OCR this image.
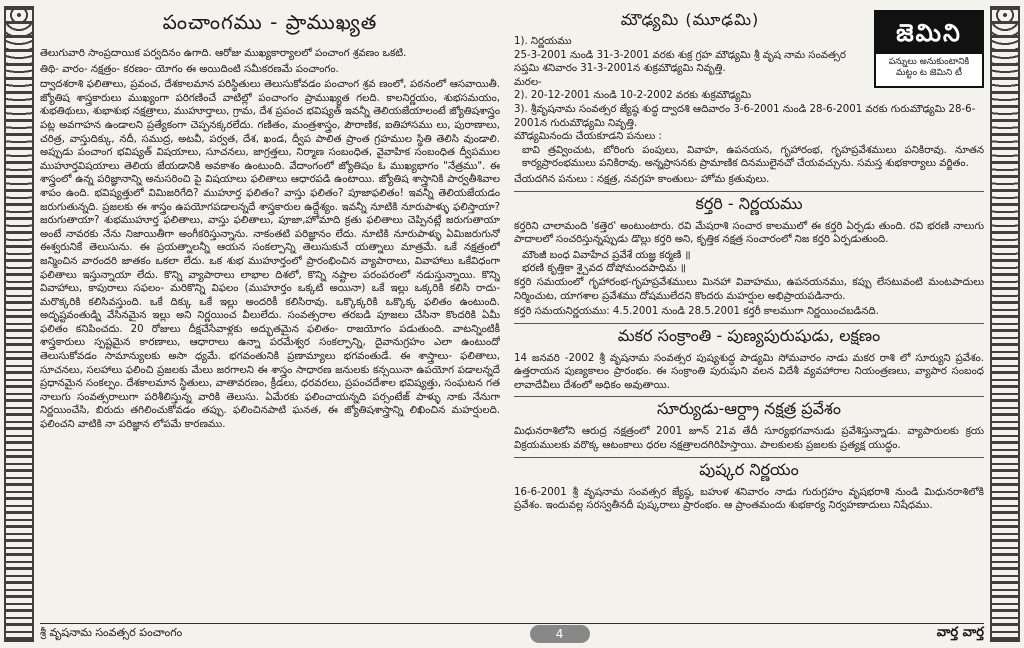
పంచాంగము - ప్రాముఖ్యత

తెలుగువారి సాంప్రదాయిక పర్వదినం ఉగాది. ఆరోజు ముఖ్యకార్యాలలో పంచాంగ శ్రవణం ఒకటి.

తిథి- వారం- నక్షత్రం- కరణం- యోగం ఈ అయిదింటి సమీకరణమే పంచాంగం.

ద్వాదశరాశి ఫలితాలు, ప్రవంచ, దేశకాలమాన పరిస్థితులు తెలుసుకోవడం పంచాంగ శ్రవ ణంలో, పఠనంలో ఆసవాయితీ. జ్యోతిష శాస్త్రకారులు ముఖ్యంగా పరిగణించే వాటిల్లో పంచాంగం ప్రాముఖ్యత గలది. కాలనిర్ణయం, శుభసమయం, శుభతిథులు, శుభాశుభ నక్షత్రాలు, ముహూర్తాలు, గ్రామ, దేశ ప్రపంచ భవిష్యత్ ఇవన్నీ తెలియజేయాలంటే జ్యోతిషశాస్త్రం పట్ల అవగాహన ఉండాలని ప్రత్యేకంగా చెప్పనక్కరలేదు. గణితం, మంత్రశాస్త్రం, పౌరాణిక, ఐతిహాసము లు, పురాణాలు, చరిత్ర, వాస్తుదిక్కు, నదీ, సముద్ర, అటవీ, పర్వత, దేశ, ఖండ, ద్వీప పాలిత ప్రాంత గ్రహముల స్థితి తెలిసి వుండాలి. అప్పుడు పంచాంగ భవిష్యత్ విషయాలు, సూచనలు, జాగ్రత్తలు, నిర్మాణ సంబంధిత, వైవాహిక సంబంధిత ద్వీపముల ముహూర్తవిషయాలు తెలియ జేయడానికి అవకాశం ఉంటుంది. వేదాంగంలో జ్యోతిషం ఓ ముఖ్యభాగం "నేత్రము". ఈ శాస్త్రంలో ఉన్న పరిజ్ఞానాన్ని అనుసరించి పై విషయాలు ఫలితాలు ఆధారపడి ఉంటాయి. జ్యోతిష శాస్త్రానికి పార్వతీశివాల శాపం ఉంది. భవిష్యత్తులో విమిజరిగేది? ముహూర్త ఫలితం? వాస్తు ఫలితం? పూజాఫలితం! ఇవన్నీ తెలియజేయడం జరుగుతున్నది. ప్రజలకు ఈ శాస్త్రం ఉపయోగపడాలన్నదే శాస్త్రకారుల ఉద్దేశ్యం. ఇవన్నీ నూటికి నూరుపాళ్ళు ఫలిస్తాయా? జరుగుతాయా? శుభముహూర్త ఫలితాలు, వాస్తు ఫలితాలు, పూజా,హోమాది క్రతు ఫలితాలు చెప్పినట్లే జరుగుతాయా అంటే నావరకు నేను నిజాయితీగా అంగీకరిస్తున్నాను. నాకంతటి పరిజ్ఞానం లేదు. నూటికి నూరుపాళ్ళు ఏమిజరుగునో ఈశ్వరునికే తెలుసును. ఈ ప్రయత్నాలన్నీ ఆయన సంకల్పాన్ని తెలుసుకునే యత్నాలు మాత్రమే. ఒకే నక్షత్రంలో జన్మించిన వారందరి జాతకం ఒకలా లేదు. ఒక శుభ ముహూర్తంలో ప్రారంభించిన వ్యాపారాలు, వివాహాలు ఒకేవిధంగా ఫలితాలు ఇస్తున్నాయా లేదు. కొన్ని వ్యాపారాలు లాభాల దిశలో, కొన్ని నష్టాల పరంపరంలో నడుస్తున్నాయి. కొన్ని వివాహాలు, కాపురాలు సఫలం- మరికొన్ని విఫలం (ముహూర్తం ఒక్కటి అయినా) ఒకే ఇల్లు ఒక్కరికి కలిసి రాదు- మరొక్కరికి కలిసివస్తుంది. ఒకే దిక్కు ఒకే ఇల్లు అందరికీ కలిసిరావు. ఒక్కొక్కరికి ఒక్కొక్క ఫలితం ఉంటుంది. అదృష్టవంతుడ్ని వేసినమైన ఇల్లు అని నిర్ణయించ వీలులేదు. సంవత్సరాల తరబడి పూజలు చేసినా కొందరికి ఏమీ ఫలితం కనిపించదు. 20 రోజులు దీక్షచేసేవాళ్లకు అద్భుతమైన ఫలితం- రాజయోగం పడుతుంది. వాటన్నింటికీ శాస్త్రకారులు స్పష్టమైన కారణాలు, ఆధారాలు ఉన్నా పరమేశ్వర సంకల్పాన్ని, దైవానుగ్రహం ఎలా ఉంటుందో తెలుసుకోవడం సామాన్యులకు అసా ధ్యమే. భగవంతునికి ప్రణామ్యాలు భగవంతుడే. ఈ శాస్త్రాలు- ఫలితాలు, సూచనలు, సలహాలు ఫలించి ప్రజలకు మేలు జరగాలని ఈ శాస్త్రం సాధారణ జనులకు కన్సయినా ఉపయోగ పడాలన్నదే ప్రధానమైన సంకల్పం. దేశకాలమాన స్థితులు, వాతావరణం, క్రీడలు, ధరవరలు, ప్రపంచదేశాల భవిష్యత్తు, సంఘటన గత నాలుగు సంవత్సరాలుగా పరిశీలిస్తున్న వారికి తెలుసు. ఏమేరకు ఫలించాయన్నది పర్సంటేజ్ పాళ్ళు నాకు నేనుగా నిర్ణయించేసి, బిరుదు తగిలించుకోవడం తప్పు. ఫలించినపాటి ఘనత, ఈ జ్యోతిషశాస్త్రాన్ని లిఖించిన మహర్షులది. ఫలించని వాటికి నా పరిజ్ఞాన లోపమే కారణము.

జెమిని
పన్నులు అనుకుంటానికి మట్టం ట జెమిని టీ
మౌఢ్యమి (మూఢమి)

1). నిర్ణయము

25-3-2001 నుండి 31-3-2001 వరకు శుక్ర గ్రహ మౌఢ్యమి శ్రీ వృష నామ సంవత్సర సప్తమి శనివారం 31-3-2001న శుక్రమౌఢ్యమి నివృత్తి.

మరల-

2). 20-12-2001 నుండి 10-2-2002 వరకు శుక్రమౌఢ్యమి

3). శ్రీవృషనామ సంవత్సర జ్యేష్ఠ శుద్ధ ద్వాదశి ఆదివారం 3-6-2001 నుండి 28-6-2001 వరకు గురుమౌఢ్యమి 28-6-2001న గురుమౌఢ్యమి నివృత్తి.

మౌఢ్యమినందు చేయకూడని పనులు :

బావి త్రవ్వించుట, బోరింగు పంపులు, వివాహ, ఉపనయన, గృహారంభ, గృహప్రవేశములు పనికిరావు. నూతన కార్యప్రారంభములు పనికిరావు. అన్నప్రాసనకు ప్రామాణిక దినములైనచో చేయవచ్చును. సమస్త శుభకార్యాలు వర్జితం.

చేయదగిన పనులు : నక్షత్ర, నవగ్రహ కాంతులు- హోమ క్రతువులు.

కర్తరి - నిర్ణయము

కర్తరిని చాలామంది 'కత్తెర' అంటుంటారు. రవి మేషరాశి సంచార కాలములో ఈ కర్తరి ఏర్పడు తుంది. రవి భరణి నాలుగు పాదాలలో సంచరిస్తున్నప్పుడు డొల్లు కర్తరి అని, కృత్తిక నక్షత్ర సంచారంలో నిజ కర్తరి ఏర్పడుతుంది.

మౌంజీ బంధ వివాహేచ ప్రవేశే యజ్ఞ కర్మణి ॥

భరణి కృత్తికా శ్చైవద దోషోమందపాధిమ ॥

కర్తరి సమయంలో గృహారంభ-గృహప్రవేశములు మినహా వివాహము, ఉపనయనము, కప్పు లేసటువంటి మంటపాదులు నిర్మించుట, యాగశాల ప్రవేశము దోషములేదని కొందరు మహర్షుల అభిప్రాయపడినారు.

కర్తరి సమయనిర్ణయము: 4.5.2001 నుండి 28.5.2001 కర్తరీ కాలముగా నిర్ణయించబడినది.

మకర సంక్రాంతి - పుణ్యపురుషుడు, లక్షణం

14 జనవరి -2002 శ్రీ వృషనామ సంవత్సర పుష్యశుద్ధ పాడ్యమి సోమవారం నాడు మకర రాశి లో సూర్యుని ప్రవేశం. ఉత్తరాయన పుణ్యకాలం ప్రారంభం. ఈ సంక్రాంతి పురుషుని వలన విదేశీ వ్యవహారాల నియంత్రణలు, వ్యాపార సంబంధ లావాదేవీలు దేశంలో అధికం అవుతాయి.

సూర్యుడు-ఆర్ద్రా నక్షత్ర ప్రవేశం

మిధునరాశిలోని ఆరుద్ర నక్షత్రంలో 2001 జూన్ 21వ తేదీ సూర్యభగవానుడు ప్రవేశిస్తున్నాడు. వ్యాపారులకు క్రయ విక్రయములకు వరొక్క ఆటంకాలు ధరల నక్షత్రాలదగిరిహిస్తాయి. పాలకులకు ప్రజలకు ప్రత్యక్ష యుద్ధం.

పుష్కర నిర్ణయం

16-6-2001 శ్రీ వృషనామ సంవత్సర జ్యేష్ఠ, బహుళ శనివారం నాడు గురుగ్రహం వృషభరాశి నుండి మిధునరాశిలోకి ప్రవేశం. ఇందువల్ల సరస్వతీనదీ పుష్కరాలు ప్రారంభం. ఆ ప్రాంతమందు శుభకార్య నిర్వహణాదులు నిషేధము.

శ్రీ వృషనామ సంవత్సర పంచాంగం	4	వార్త వార్త
